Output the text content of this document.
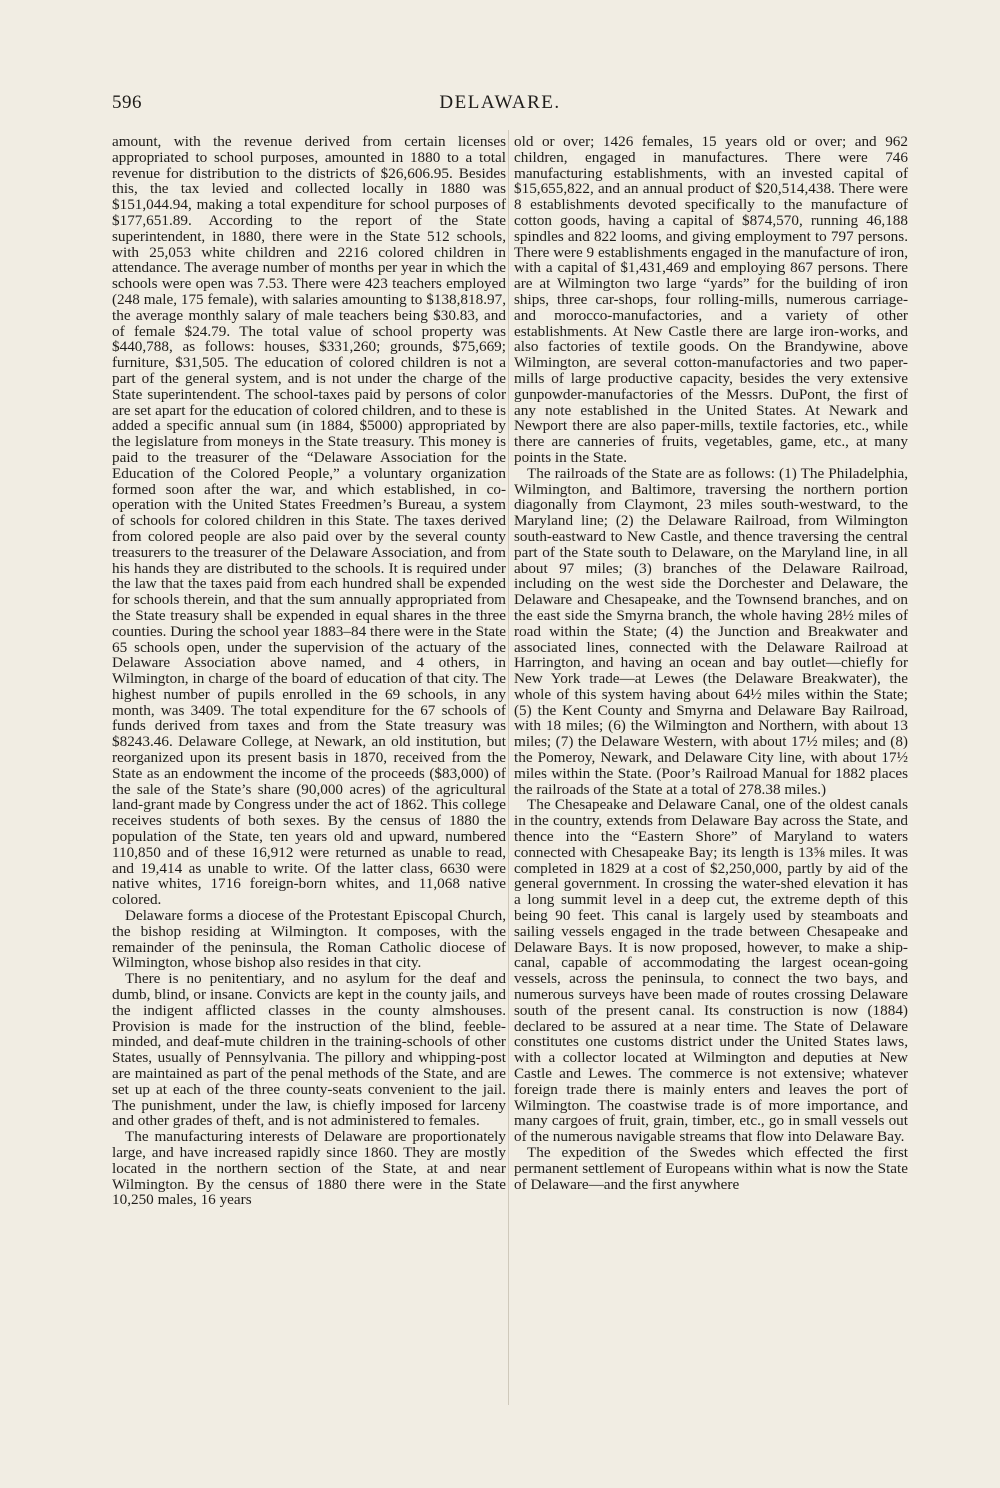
596	DELAWARE.

amount, with the revenue derived from certain licenses appropriated to school purposes, amounted in 1880 to a total revenue for distribution to the districts of $26,606.95. Besides this, the tax levied and collected locally in 1880 was $151,044.94, making a total expenditure for school purposes of $177,651.89. According to the report of the State superintendent, in 1880, there were in the State 512 schools, with 25,053 white children and 2216 colored children in attendance. The average number of months per year in which the schools were open was 7.53. There were 423 teachers employed (248 male, 175 female), with salaries amounting to $138,818.97, the average monthly salary of male teachers being $30.83, and of female $24.79. The total value of school property was $440,788, as follows: houses, $331,260; grounds, $75,669; furniture, $31,505. The education of colored children is not a part of the general system, and is not under the charge of the State superintendent. The school-taxes paid by persons of color are set apart for the education of colored children, and to these is added a specific annual sum (in 1884, $5000) appropriated by the legislature from moneys in the State treasury. This money is paid to the treasurer of the “Delaware Association for the Education of the Colored People,” a voluntary organization formed soon after the war, and which established, in co-operation with the United States Freedmen’s Bureau, a system of schools for colored children in this State. The taxes derived from colored people are also paid over by the several county treasurers to the treasurer of the Delaware Association, and from his hands they are distributed to the schools. It is required under the law that the taxes paid from each hundred shall be expended for schools therein, and that the sum annually appropriated from the State treasury shall be expended in equal shares in the three counties. During the school year 1883–84 there were in the State 65 schools open, under the supervision of the actuary of the Delaware Association above named, and 4 others, in Wilmington, in charge of the board of education of that city. The highest number of pupils enrolled in the 69 schools, in any month, was 3409. The total expenditure for the 67 schools of funds derived from taxes and from the State treasury was $8243.46. Delaware College, at Newark, an old institution, but reorganized upon its present basis in 1870, received from the State as an endowment the income of the proceeds ($83,000) of the sale of the State’s share (90,000 acres) of the agricultural land-grant made by Congress under the act of 1862. This college receives students of both sexes. By the census of 1880 the population of the State, ten years old and upward, numbered 110,850 and of these 16,912 were returned as unable to read, and 19,414 as unable to write. Of the latter class, 6630 were native whites, 1716 foreign-born whites, and 11,068 native colored.

Delaware forms a diocese of the Protestant Episcopal Church, the bishop residing at Wilmington. It composes, with the remainder of the peninsula, the Roman Catholic diocese of Wilmington, whose bishop also resides in that city.

There is no penitentiary, and no asylum for the deaf and dumb, blind, or insane. Convicts are kept in the county jails, and the indigent afflicted classes in the county almshouses. Provision is made for the instruction of the blind, feeble-minded, and deaf-mute children in the training-schools of other States, usually of Pennsylvania. The pillory and whipping-post are maintained as part of the penal methods of the State, and are set up at each of the three county-seats convenient to the jail. The punishment, under the law, is chiefly imposed for larceny and other grades of theft, and is not administered to females.

The manufacturing interests of Delaware are proportionately large, and have increased rapidly since 1860. They are mostly located in the northern section of the State, at and near Wilmington. By the census of 1880 there were in the State 10,250 males, 16 years

old or over; 1426 females, 15 years old or over; and 962 children, engaged in manufactures. There were 746 manufacturing establishments, with an invested capital of $15,655,822, and an annual product of $20,514,438. There were 8 establishments devoted specifically to the manufacture of cotton goods, having a capital of $874,570, running 46,188 spindles and 822 looms, and giving employment to 797 persons. There were 9 establishments engaged in the manufacture of iron, with a capital of $1,431,469 and employing 867 persons. There are at Wilmington two large “yards” for the building of iron ships, three car-shops, four rolling-mills, numerous carriage- and morocco-manufactories, and a variety of other establishments. At New Castle there are large iron-works, and also factories of textile goods. On the Brandywine, above Wilmington, are several cotton-manufactories and two paper-mills of large productive capacity, besides the very extensive gunpowder-manufactories of the Messrs. DuPont, the first of any note established in the United States. At Newark and Newport there are also paper-mills, textile factories, etc., while there are canneries of fruits, vegetables, game, etc., at many points in the State.

The railroads of the State are as follows: (1) The Philadelphia, Wilmington, and Baltimore, traversing the northern portion diagonally from Claymont, 23 miles south-westward, to the Maryland line; (2) the Delaware Railroad, from Wilmington south-eastward to New Castle, and thence traversing the central part of the State south to Delaware, on the Maryland line, in all about 97 miles; (3) branches of the Delaware Railroad, including on the west side the Dorchester and Delaware, the Delaware and Chesapeake, and the Townsend branches, and on the east side the Smyrna branch, the whole having 28½ miles of road within the State; (4) the Junction and Breakwater and associated lines, connected with the Delaware Railroad at Harrington, and having an ocean and bay outlet—chiefly for New York trade—at Lewes (the Delaware Breakwater), the whole of this system having about 64½ miles within the State; (5) the Kent County and Smyrna and Delaware Bay Railroad, with 18 miles; (6) the Wilmington and Northern, with about 13 miles; (7) the Delaware Western, with about 17½ miles; and (8) the Pomeroy, Newark, and Delaware City line, with about 17½ miles within the State. (Poor’s Railroad Manual for 1882 places the railroads of the State at a total of 278.38 miles.)

The Chesapeake and Delaware Canal, one of the oldest canals in the country, extends from Delaware Bay across the State, and thence into the “Eastern Shore” of Maryland to waters connected with Chesapeake Bay; its length is 13⅝ miles. It was completed in 1829 at a cost of $2,250,000, partly by aid of the general government. In crossing the water-shed elevation it has a long summit level in a deep cut, the extreme depth of this being 90 feet. This canal is largely used by steamboats and sailing vessels engaged in the trade between Chesapeake and Delaware Bays. It is now proposed, however, to make a ship-canal, capable of accommodating the largest ocean-going vessels, across the peninsula, to connect the two bays, and numerous surveys have been made of routes crossing Delaware south of the present canal. Its construction is now (1884) declared to be assured at a near time. The State of Delaware constitutes one customs district under the United States laws, with a collector located at Wilmington and deputies at New Castle and Lewes. The commerce is not extensive; whatever foreign trade there is mainly enters and leaves the port of Wilmington. The coastwise trade is of more importance, and many cargoes of fruit, grain, timber, etc., go in small vessels out of the numerous navigable streams that flow into Delaware Bay.

The expedition of the Swedes which effected the first permanent settlement of Europeans within what is now the State of Delaware—and the first anywhere
